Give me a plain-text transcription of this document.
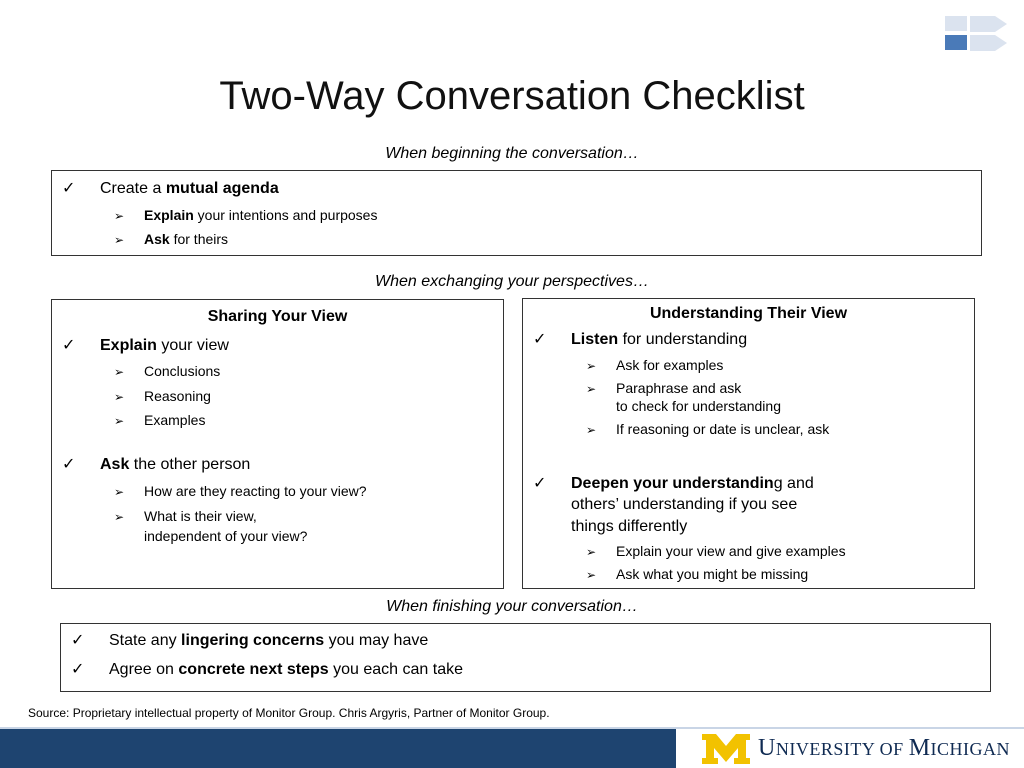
Two-Way Conversation Checklist
When beginning the conversation…
✓ Create a mutual agenda
➢ Explain your intentions and purposes
➢ Ask for theirs
When exchanging your perspectives…
Sharing Your View
✓ Explain your view
➢ Conclusions
➢ Reasoning
➢ Examples
✓ Ask the other person
➢ How are they reacting to your view?
➢ What is their view,
independent of your view?
Understanding Their View
✓ Listen for understanding
➢ Ask for examples
➢ Paraphrase and ask
to check for understanding
➢ If reasoning or date is unclear, ask
✓ Deepen your understanding and
others’ understanding if you see
things differently
➢ Explain your view and give examples
➢ Ask what you might be missing
When finishing your conversation…
✓ State any lingering concerns you may have
✓ Agree on concrete next steps you each can take
Source: Proprietary intellectual property of Monitor Group. Chris Argyris, Partner of Monitor Group.
UNIVERSITY OF MICHIGAN
